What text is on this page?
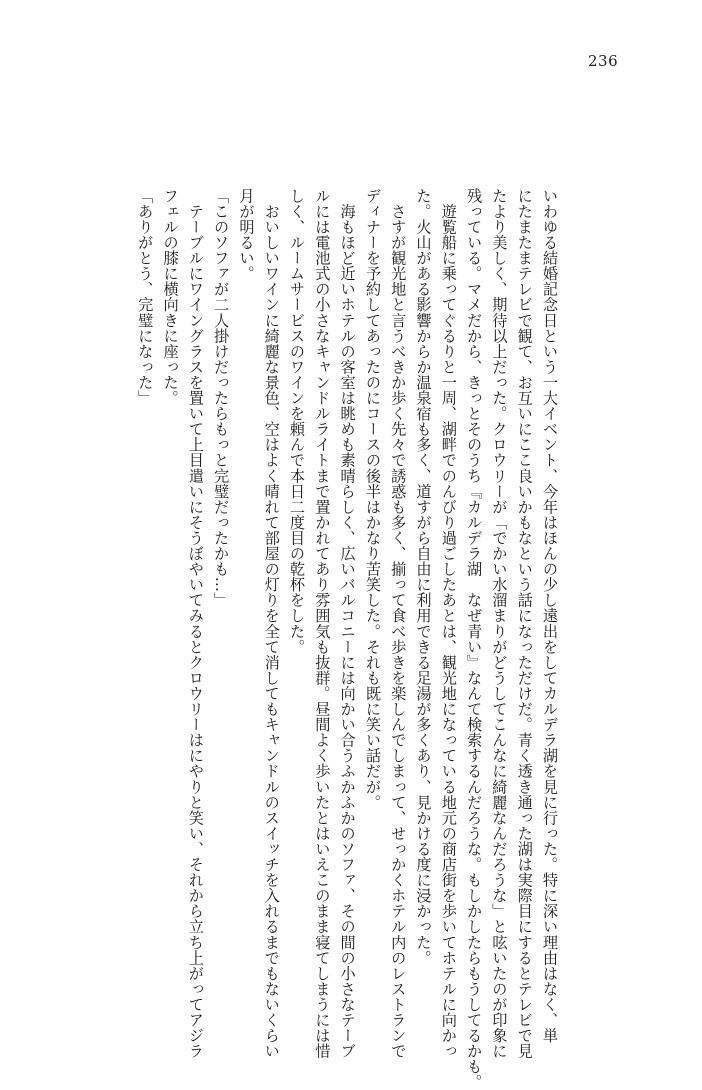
236
いわゆる結婚記念日という一大イベント、今年はほんの少し遠出をしてカルデラ湖を見に行った。特に深い理由はなく、単
にたまたまテレビで観て、お互いにここ良いかもなという話になっただけだ。青く透き通った湖は実際目にするとテレビで見
たより美しく、期待以上だった。クロウリーが「でかい水溜まりがどうしてこんなに綺麗なんだろうな」と呟いたのが印象に
残っている。マメだから、きっとそのうち『カルデラ湖　なぜ青い』なんて検索するんだろうな。もしかしたらもうしてるかも。
　遊覧船に乗ってぐるりと一周、湖畔でのんびり過ごしたあとは、観光地になっている地元の商店街を歩いてホテルに向かっ
た。火山がある影響からか温泉宿も多く、道すがら自由に利用できる足湯が多くあり、見かける度に浸かった。
　さすが観光地と言うべきか歩く先々で誘惑も多く、揃って食べ歩きを楽しんでしまって、せっかくホテル内のレストランで
ディナーを予約してあったのにコースの後半はかなり苦笑した。それも既に笑い話だが。
　海もほど近いホテルの客室は眺めも素晴らしく、広いバルコニーには向かい合うふかふかのソファ、その間の小さなテーブ
ルには電池式の小さなキャンドルライトまで置かれてあり雰囲気も抜群。昼間よく歩いたとはいえこのまま寝てしまうには惜
しく、ルームサービスのワインを頼んで本日二度目の乾杯をした。
　おいしいワインに綺麗な景色、空はよく晴れて部屋の灯りを全て消してもキャンドルのスイッチを入れるまでもないくらい
月が明るい。
「このソファが二人掛けだったらもっと完璧だったかも…」
　テーブルにワイングラスを置いて上目遣いにそうぼやいてみるとクロウリーはにやりと笑い、それから立ち上がってアジラ
フェルの膝に横向きに座った。
「ありがとう、完璧になった」
